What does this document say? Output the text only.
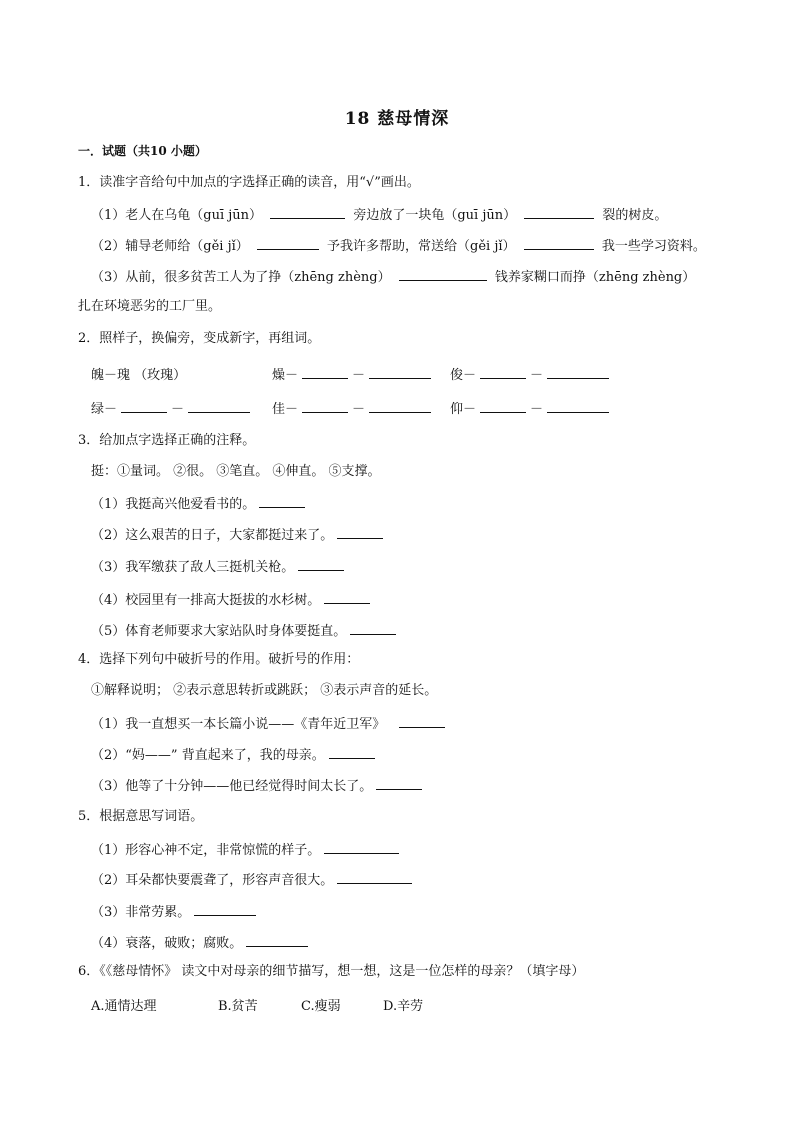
18 慈母情深
一．试题（共10 小题）
1．读准字音给句中加点的字选择正确的读音，用“√”画出。
（1）老人在乌龟（guī jūn）	旁边放了一块龟（guī jūn）	裂的树皮。
（2）辅导老师给（gěi jǐ）	予我许多帮助，常送给（gěi jǐ）	我一些学习资料。
（3）从前，很多贫苦工人为了挣（zhēng zhèng）	钱养家糊口而挣（zhēng zhèng）
扎在环境恶劣的工厂里。
2．照样子，换偏旁，变成新字，再组词。
魄－瑰 （玫瑰）	燥－	－	俊－	－
绿－	－	佳－	－	仰－	－
3．给加点字选择正确的注释。
挺：①量词。 ②很。 ③笔直。 ④伸直。 ⑤支撑。
（1）我挺高兴他爱看书的。
（2）这么艰苦的日子，大家都挺过来了。
（3）我军缴获了敌人三挺机关枪。
（4）校园里有一排高大挺拔的水杉树。
（5）体育老师要求大家站队时身体要挺直。
4．选择下列句中破折号的作用。破折号的作用：
①解释说明； ②表示意思转折或跳跃； ③表示声音的延长。
（1）我一直想买一本长篇小说——《青年近卫军》
（2）“妈——” 背直起来了，我的母亲。
（3）他等了十分钟——他已经觉得时间太长了。
5．根据意思写词语。
（1）形容心神不定，非常惊慌的样子。
（2）耳朵都快要震聋了，形容声音很大。
（3）非常劳累。
（4）衰落，破败；腐败。
6．《《慈母情怀》 读文中对母亲的细节描写，想一想，这是一位怎样的母亲？（填字母）
A.通情达理	B.贫苦	C.瘦弱	D.辛劳
